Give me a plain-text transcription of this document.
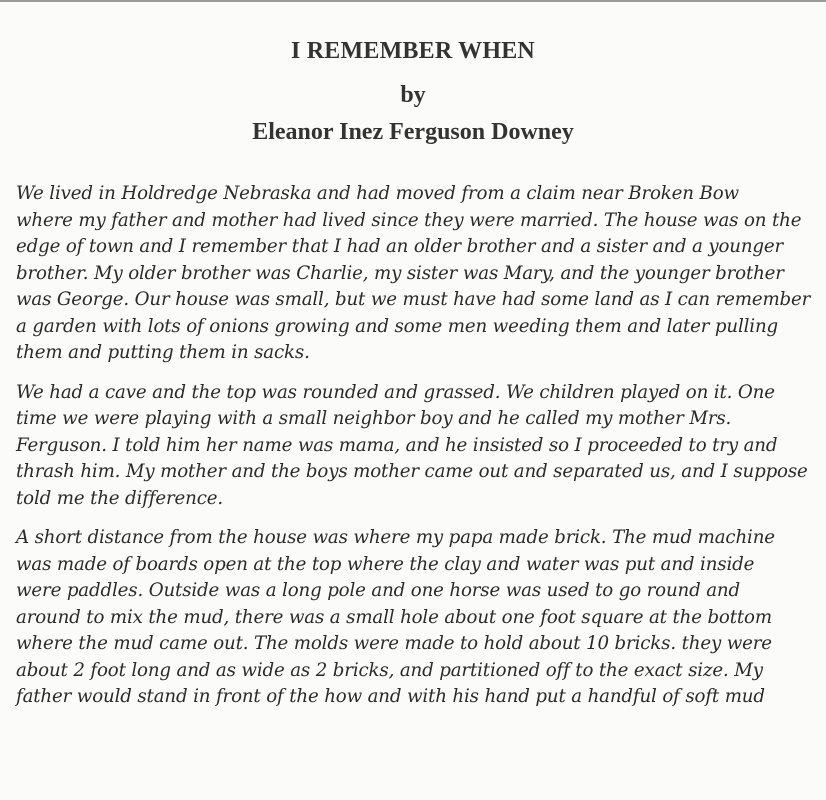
I REMEMBER WHEN
by
Eleanor Inez Ferguson Downey
We lived in Holdredge Nebraska and had moved from a claim near Broken Bow
where my father and mother had lived since they were married. The house was on the
edge of town and I remember that I had an older brother and a sister and a younger
brother. My older brother was Charlie, my sister was Mary, and the younger brother
was George. Our house was small, but we must have had some land as I can remember
a garden with lots of onions growing and some men weeding them and later pulling
them and putting them in sacks.
We had a cave and the top was rounded and grassed. We children played on it. One
time we were playing with a small neighbor boy and he called my mother Mrs.
Ferguson. I told him her name was mama, and he insisted so I proceeded to try and
thrash him. My mother and the boys mother came out and separated us, and I suppose
told me the difference.
A short distance from the house was where my papa made brick. The mud machine
was made of boards open at the top where the clay and water was put and inside
were paddles. Outside was a long pole and one horse was used to go round and
around to mix the mud, there was a small hole about one foot square at the bottom
where the mud came out. The molds were made to hold about 10 bricks. they were
about 2 foot long and as wide as 2 bricks, and partitioned off to the exact size. My
father would stand in front of the how and with his hand put a handful of soft mud
